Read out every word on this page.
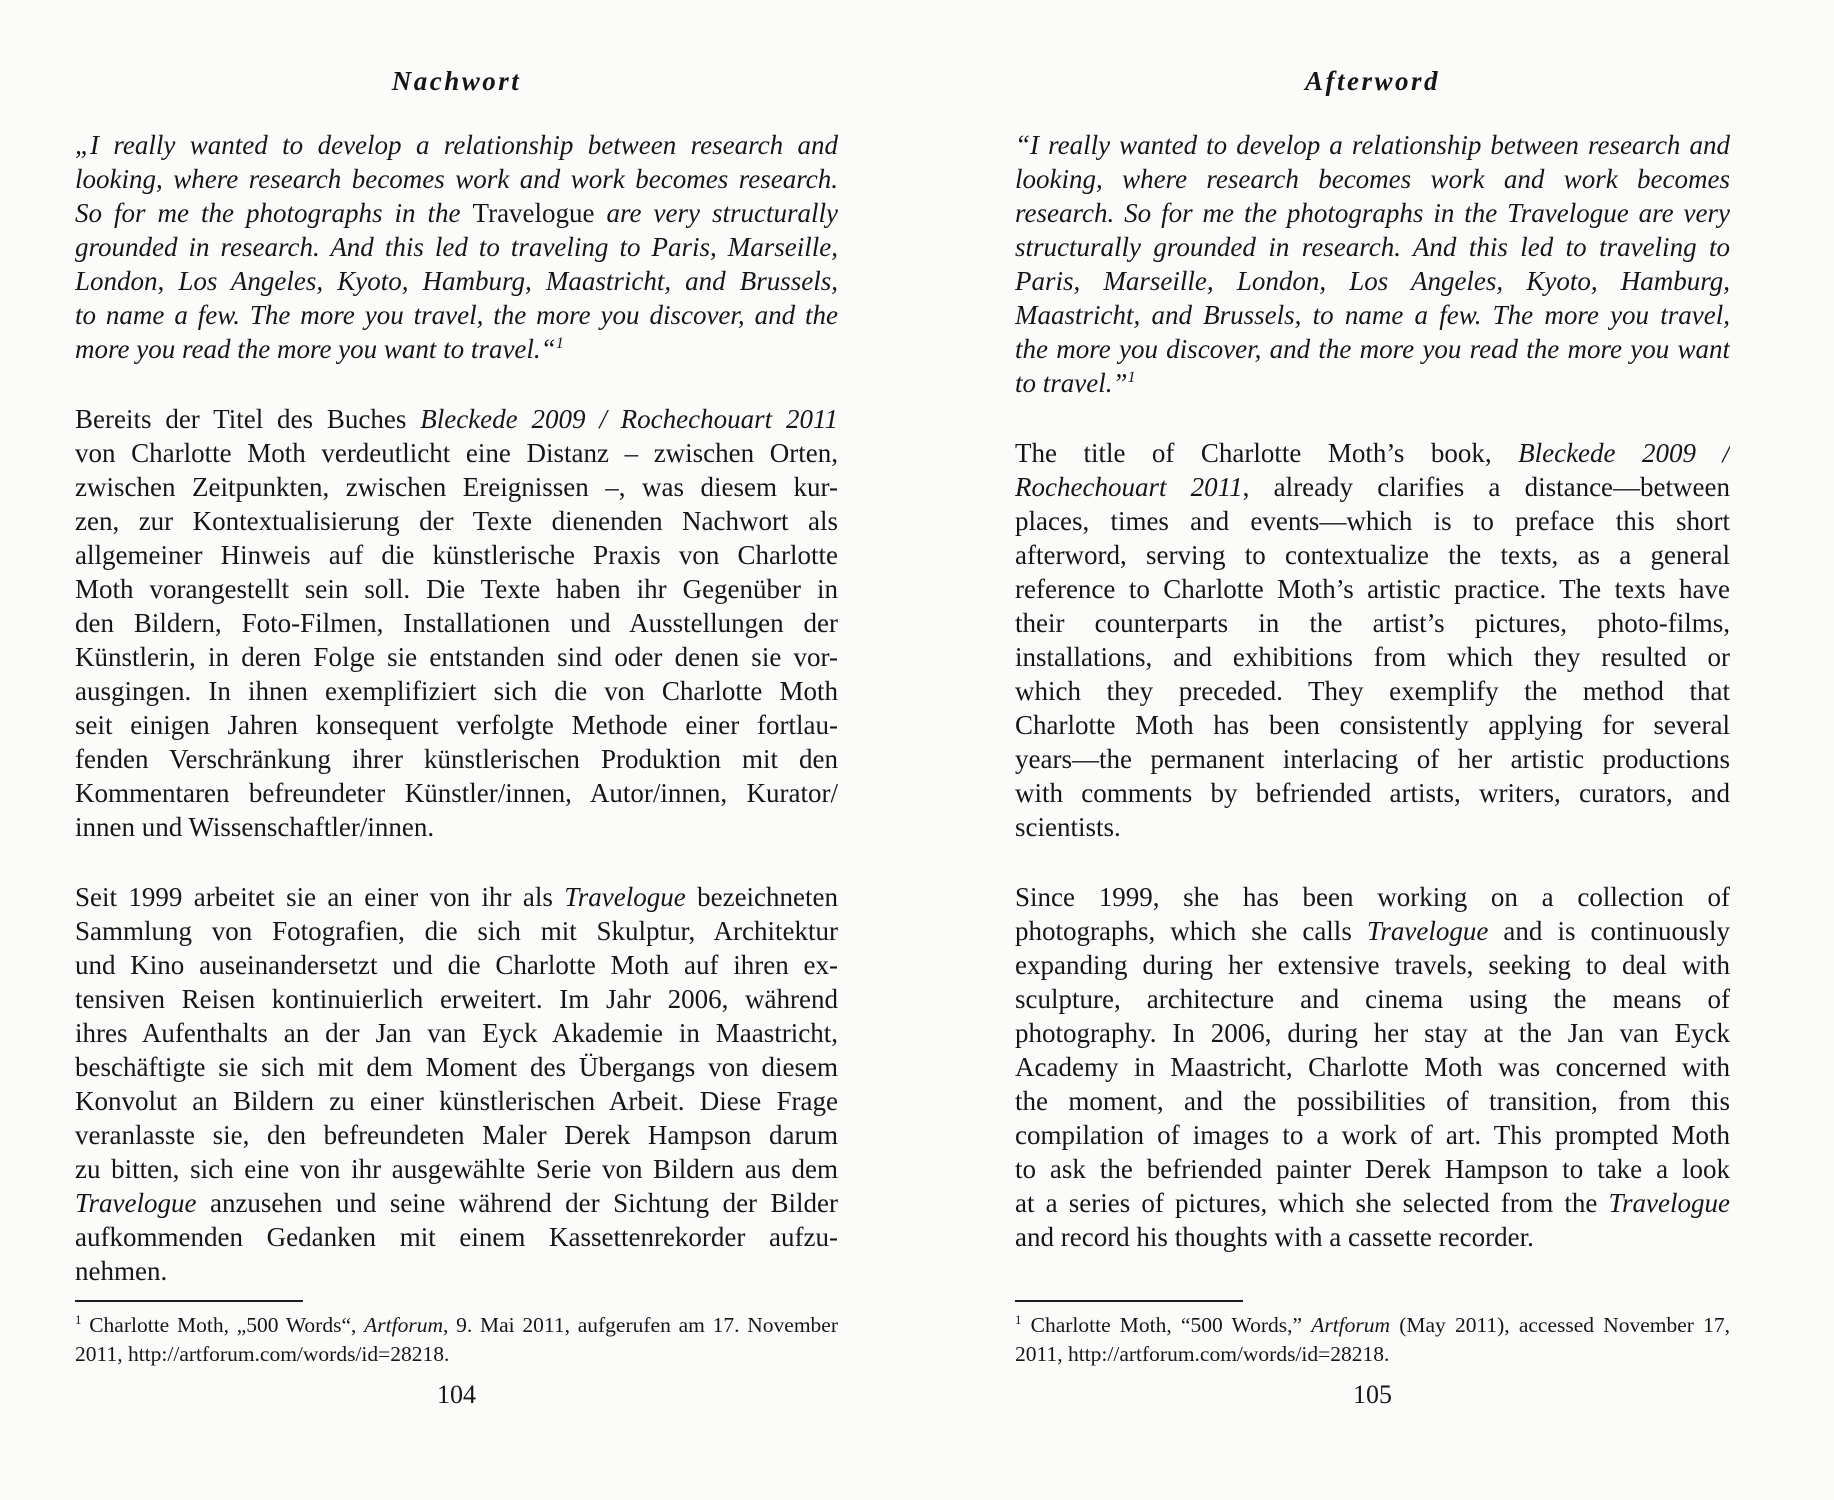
Nachwort
„I really wanted to develop a relationship between research and
looking, where research becomes work and work becomes research.
So for me the photographs in the Travelogue are very structurally
grounded in research. And this led to traveling to Paris, Marseille,
London, Los Angeles, Kyoto, Hamburg, Maastricht, and Brussels,
to name a few. The more you travel, the more you discover, and the
more you read the more you want to travel.“$^1$
Bereits der Titel des Buches Bleckede 2009 / Rochechouart 2011
von Charlotte Moth verdeutlicht eine Distanz – zwischen Orten,
zwischen Zeitpunkten, zwischen Ereignissen –, was diesem kur-
zen, zur Kontextualisierung der Texte dienenden Nachwort als
allgemeiner Hinweis auf die künstlerische Praxis von Charlotte
Moth vorangestellt sein soll. Die Texte haben ihr Gegenüber in
den Bildern, Foto-Filmen, Installationen und Ausstellungen der
Künstlerin, in deren Folge sie entstanden sind oder denen sie vor-
ausgingen. In ihnen exemplifiziert sich die von Charlotte Moth
seit einigen Jahren konsequent verfolgte Methode einer fortlau-
fenden Verschränkung ihrer künstlerischen Produktion mit den
Kommentaren befreundeter Künstler/innen, Autor/innen, Kurator/
innen und Wissenschaftler/innen.
Seit 1999 arbeitet sie an einer von ihr als Travelogue bezeichneten
Sammlung von Fotografien, die sich mit Skulptur, Architektur
und Kino auseinandersetzt und die Charlotte Moth auf ihren ex-
tensiven Reisen kontinuierlich erweitert. Im Jahr 2006, während
ihres Aufenthalts an der Jan van Eyck Akademie in Maastricht,
beschäftigte sie sich mit dem Moment des Übergangs von diesem
Konvolut an Bildern zu einer künstlerischen Arbeit. Diese Frage
veranlasste sie, den befreundeten Maler Derek Hampson darum
zu bitten, sich eine von ihr ausgewählte Serie von Bildern aus dem
Travelogue anzusehen und seine während der Sichtung der Bilder
aufkommenden Gedanken mit einem Kassettenrekorder aufzu-
nehmen.
$^1$ Charlotte Moth, „500 Words“, Artforum, 9. Mai 2011, aufgerufen am 17. November
2011, http://artforum.com/words/id=28218.
104
Afterword
“I really wanted to develop a relationship between research and
looking, where research becomes work and work becomes
research. So for me the photographs in the Travelogue are very
structurally grounded in research. And this led to traveling to
Paris, Marseille, London, Los Angeles, Kyoto, Hamburg,
Maastricht, and Brussels, to name a few. The more you travel,
the more you discover, and the more you read the more you want
to travel.”$^1$
The title of Charlotte Moth’s book, Bleckede 2009 /
Rochechouart 2011, already clarifies a distance—between
places, times and events—which is to preface this short
afterword, serving to contextualize the texts, as a general
reference to Charlotte Moth’s artistic practice. The texts have
their counterparts in the artist’s pictures, photo-films,
installations, and exhibitions from which they resulted or
which they preceded. They exemplify the method that
Charlotte Moth has been consistently applying for several
years—the permanent interlacing of her artistic productions
with comments by befriended artists, writers, curators, and
scientists.
Since 1999, she has been working on a collection of
photographs, which she calls Travelogue and is continuously
expanding during her extensive travels, seeking to deal with
sculpture, architecture and cinema using the means of
photography. In 2006, during her stay at the Jan van Eyck
Academy in Maastricht, Charlotte Moth was concerned with
the moment, and the possibilities of transition, from this
compilation of images to a work of art. This prompted Moth
to ask the befriended painter Derek Hampson to take a look
at a series of pictures, which she selected from the Travelogue
and record his thoughts with a cassette recorder.
$^1$ Charlotte Moth, “500 Words,” Artforum (May 2011), accessed November 17,
2011, http://artforum.com/words/id=28218.
105
